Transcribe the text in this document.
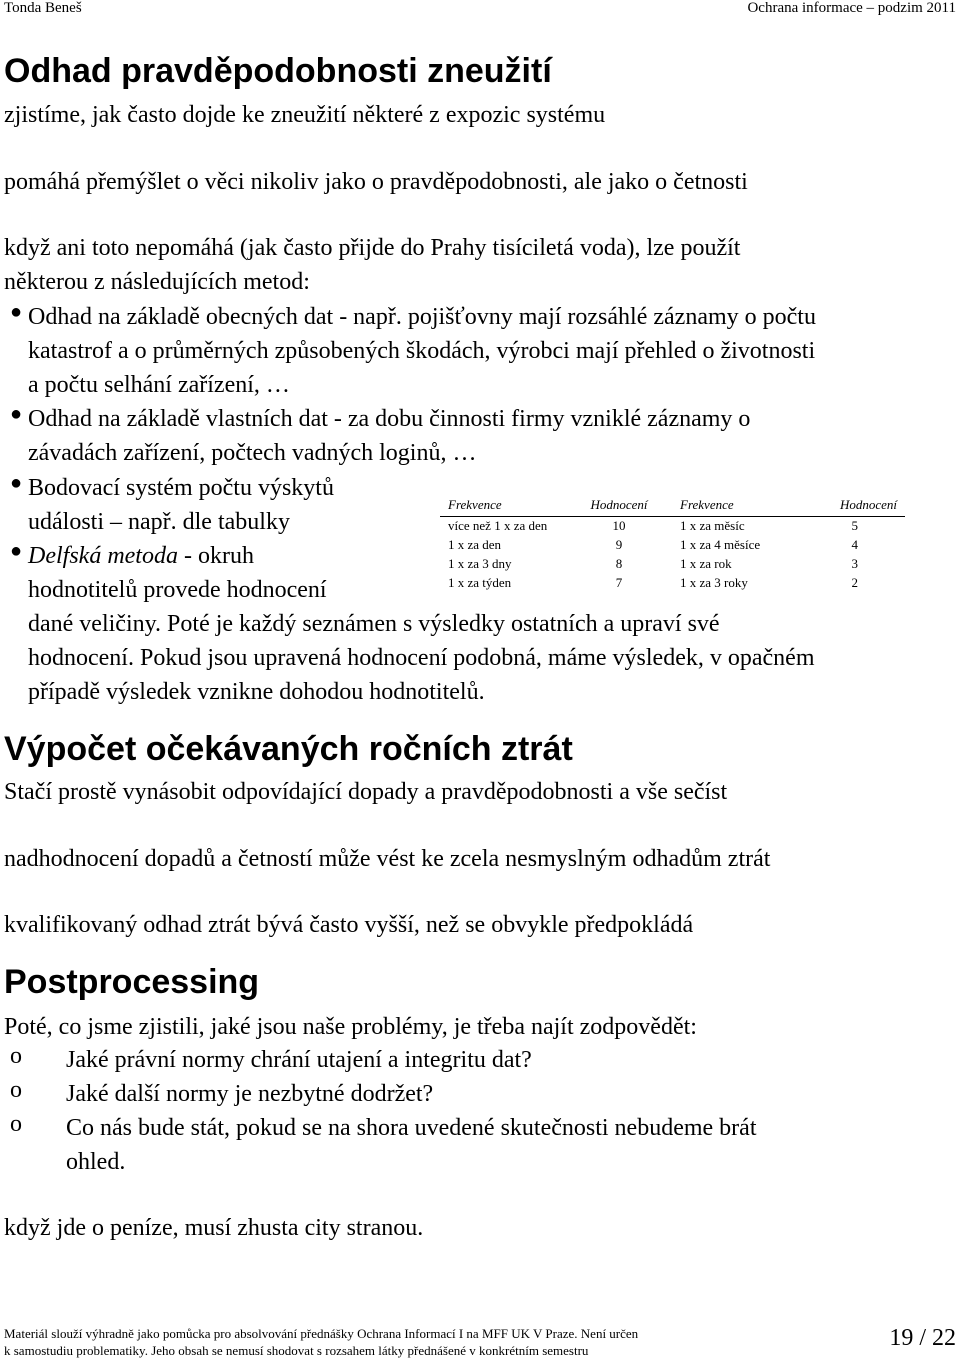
Tonda Beneš	Ochrana informace – podzim 2011
Odhad pravděpodobnosti zneužití
zjistíme, jak často dojde ke zneužití některé z expozic systému
pomáhá přemýšlet o věci nikoliv jako o pravděpodobnosti, ale jako o četnosti
když ani toto nepomáhá (jak často přijde do Prahy tisíciletá voda), lze použít
některou z následujících metod:
● Odhad na základě obecných dat - např. pojišťovny mají rozsáhlé záznamy o počtu
katastrof a o průměrných způsobených škodách, výrobci mají přehled o životnosti
a počtu selhání zařízení, …
● Odhad na základě vlastních dat - za dobu činnosti firmy vzniklé záznamy o
závadách zařízení, počtech vadných loginů, …
● Bodovací systém počtu výskytů
události – např. dle tabulky
● Delfská metoda - okruh
hodnotitelů provede hodnocení
dané veličiny. Poté je každý seznámen s výsledky ostatních a upraví své
hodnocení. Pokud jsou upravená hodnocení podobná, máme výsledek, v opačném
případě výsledek vznikne dohodou hodnotitelů.
Frekvence	Hodnocení	Frekvence	Hodnocení
více než 1 x za den	10	1 x za měsíc	5
1 x za den	9	1 x za 4 měsíce	4
1 x za 3 dny	8	1 x za rok	3
1 x za týden	7	1 x za 3 roky	2
Výpočet očekávaných ročních ztrát
Stačí prostě vynásobit odpovídající dopady a pravděpodobnosti a vše sečíst
nadhodnocení dopadů a četností může vést ke zcela nesmyslným odhadům ztrát
kvalifikovaný odhad ztrát bývá často vyšší, než se obvykle předpokládá
Postprocessing
Poté, co jsme zjistili, jaké jsou naše problémy, je třeba najít zodpovědět:
o Jaké právní normy chrání utajení a integritu dat?
o Jaké další normy je nezbytné dodržet?
o Co nás bude stát, pokud se na shora uvedené skutečnosti nebudeme brát
ohled.
když jde o peníze, musí zhusta city stranou.
Materiál slouží výhradně jako pomůcka pro absolvování přednášky Ochrana Informací I na MFF UK V Praze. Není určen
k samostudiu problematiky. Jeho obsah se nemusí shodovat s rozsahem látky přednášené v konkrétním semestru	19 / 22
